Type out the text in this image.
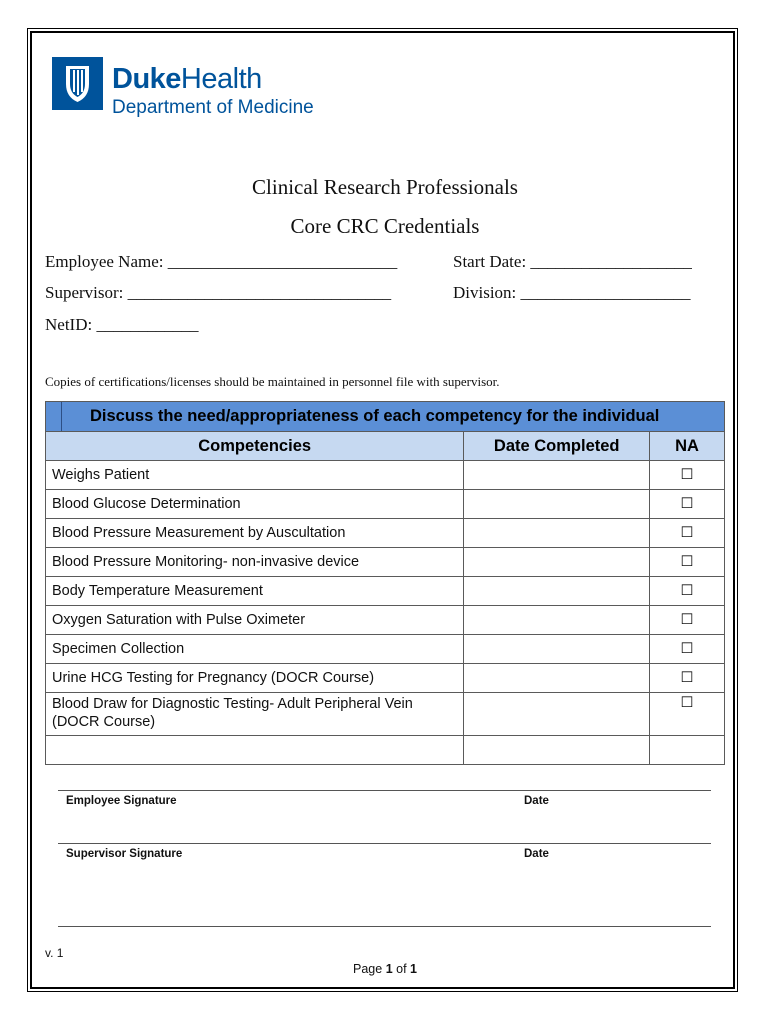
DukeHealth
Department of Medicine
Clinical Research Professionals
Core CRC Credentials
Employee Name: ___________________________	Start Date: ___________________
Supervisor: _______________________________	Division: ____________________
NetID: ____________
Copies of certifications/licenses should be maintained in personnel file with supervisor.
Discuss the need/appropriateness of each competency for the individual		

Competencies	Date Completed	NA
Weighs Patient		☐
Blood Glucose Determination		☐
Blood Pressure Measurement by Auscultation		☐
Blood Pressure Monitoring- non-invasive device		☐
Body Temperature Measurement		☐
Oxygen Saturation with Pulse Oximeter		☐
Specimen Collection		☐
Urine HCG Testing for Pregnancy (DOCR Course)		☐
Blood Draw for Diagnostic Testing- Adult Peripheral Vein
(DOCR Course)		☐

Employee Signature	Date
Supervisor Signature	Date
v. 1
Page 1 of 1
